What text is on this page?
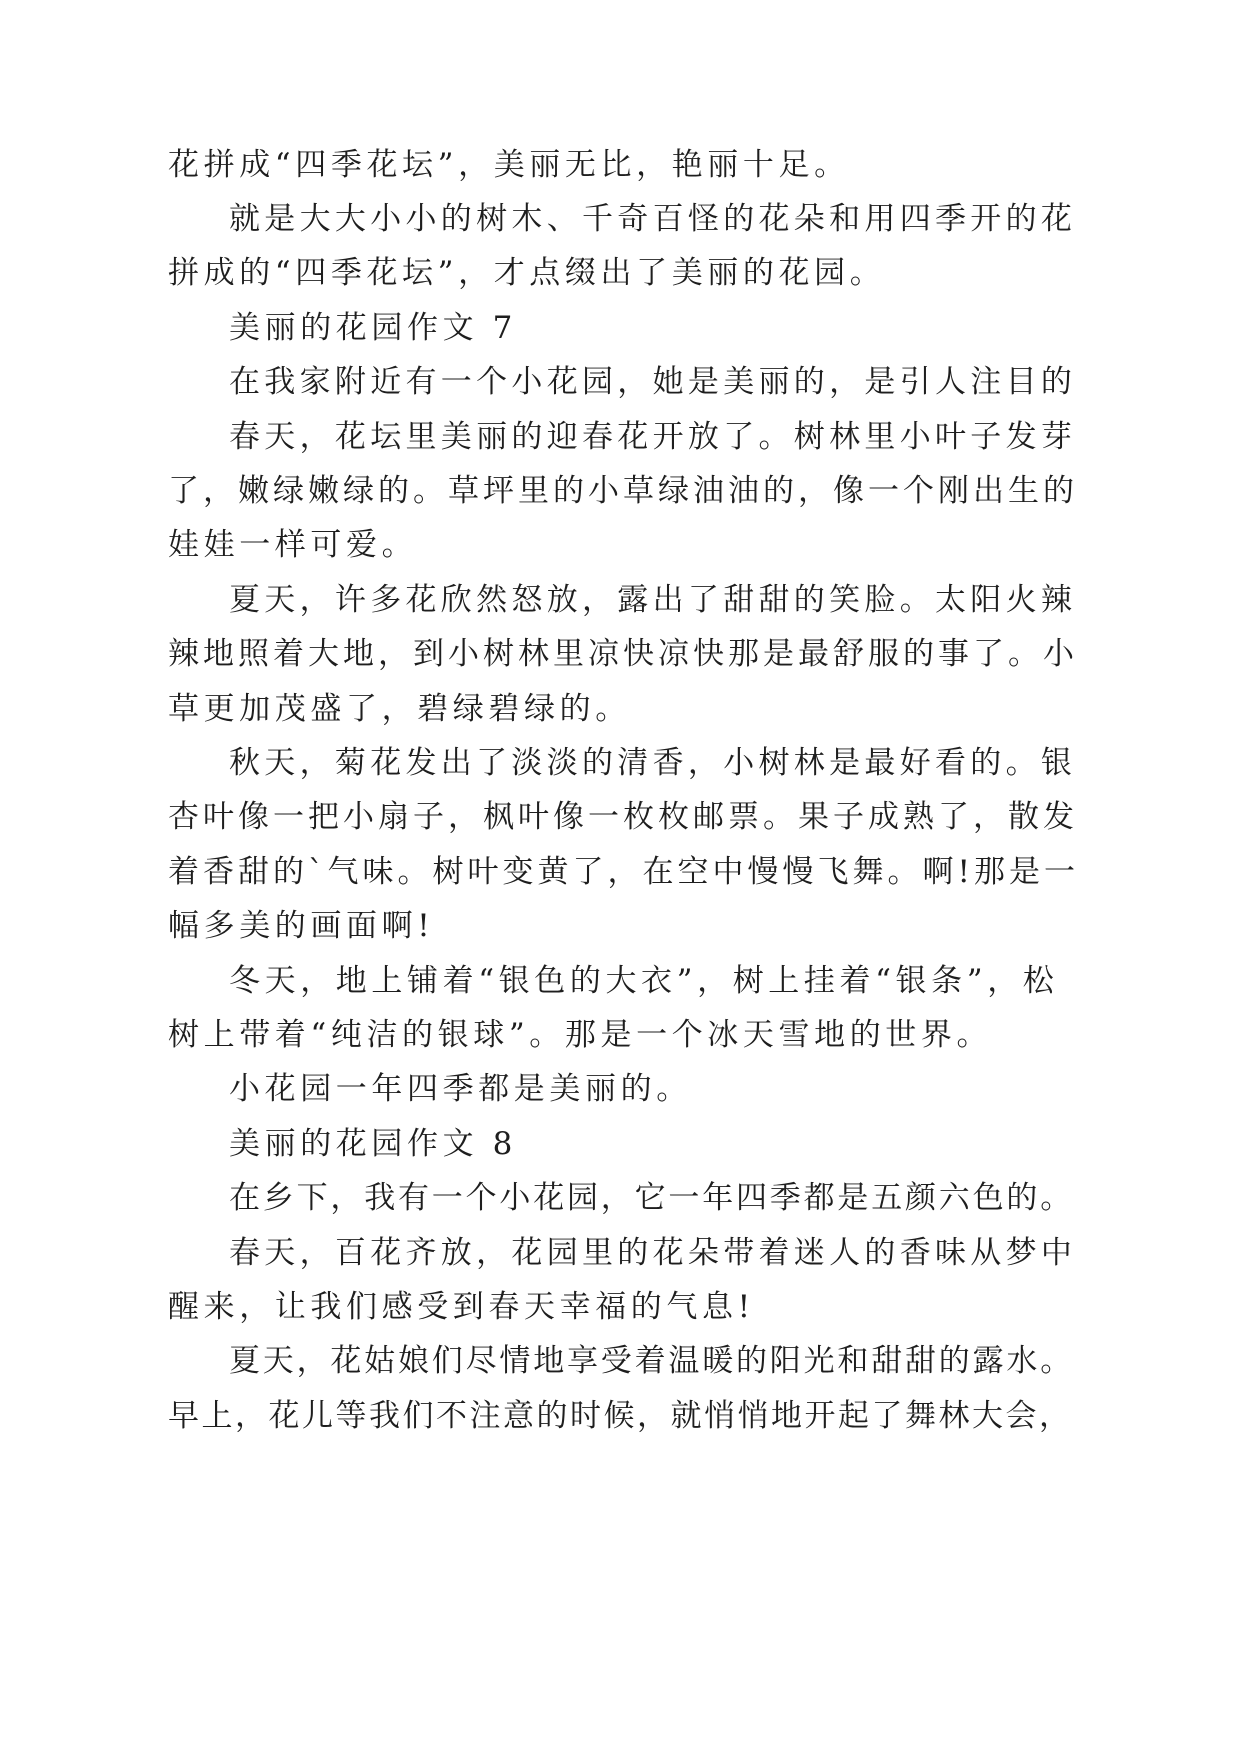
花拼成“四季花坛”，美丽无比，艳丽十足。
就是大大小小的树木、千奇百怪的花朵和用四季开的花
拼成的“四季花坛”，才点缀出了美丽的花园。
美丽的花园作文 7
在我家附近有一个小花园，她是美丽的，是引人注目的
春天，花坛里美丽的迎春花开放了。树林里小叶子发芽
了，嫩绿嫩绿的。草坪里的小草绿油油的，像一个刚出生的
娃娃一样可爱。
夏天，许多花欣然怒放，露出了甜甜的笑脸。太阳火辣
辣地照着大地，到小树林里凉快凉快那是最舒服的事了。小
草更加茂盛了，碧绿碧绿的。
秋天，菊花发出了淡淡的清香，小树林是最好看的。银
杏叶像一把小扇子，枫叶像一枚枚邮票。果子成熟了，散发
着香甜的`气味。树叶变黄了，在空中慢慢飞舞。啊!那是一
幅多美的画面啊!
冬天，地上铺着“银色的大衣”，树上挂着“银条”，松
树上带着“纯洁的银球”。那是一个冰天雪地的世界。
小花园一年四季都是美丽的。
美丽的花园作文 8
在乡下，我有一个小花园，它一年四季都是五颜六色的。
春天，百花齐放，花园里的花朵带着迷人的香味从梦中
醒来，让我们感受到春天幸福的气息!
夏天，花姑娘们尽情地享受着温暖的阳光和甜甜的露水。
早上，花儿等我们不注意的时候，就悄悄地开起了舞林大会，
